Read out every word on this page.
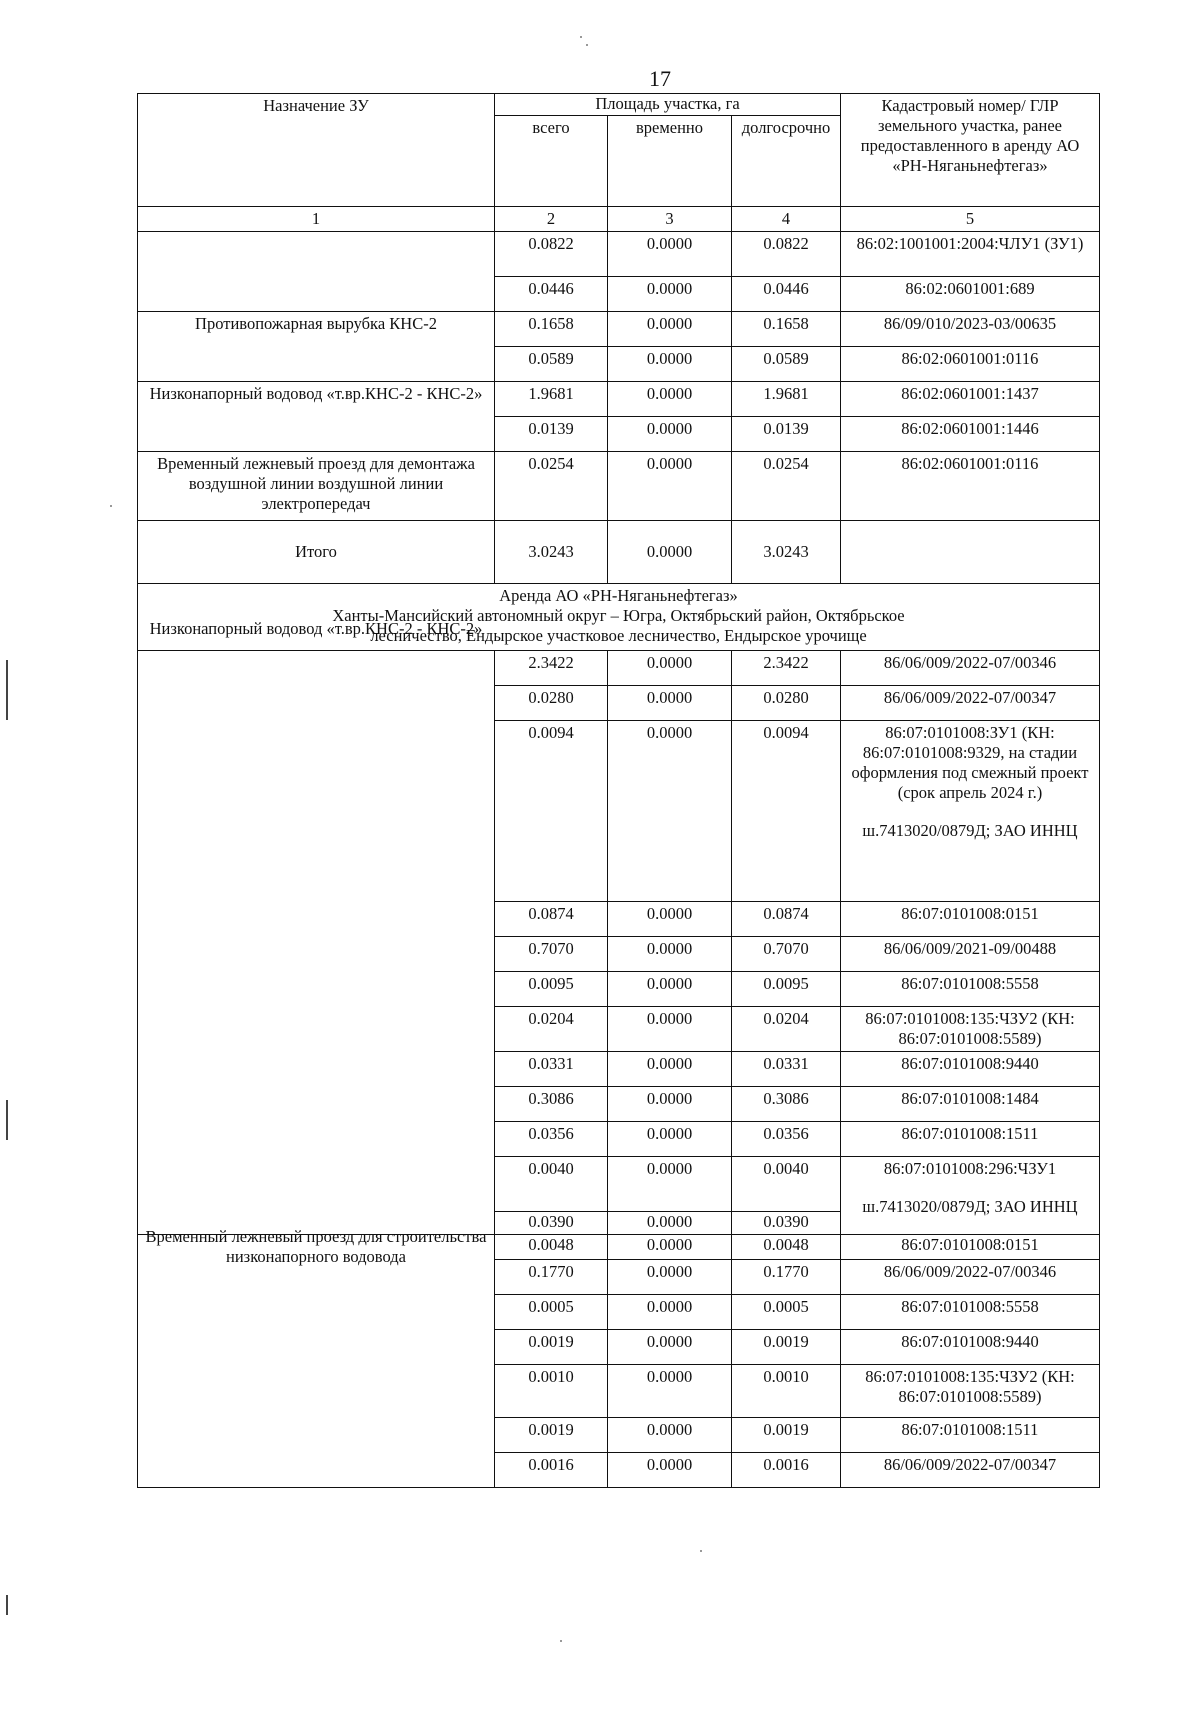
17
Назначение ЗУ	Площадь участка, га			Кадастровый номер/ ГЛР земельного участка, ранее предоставленного в аренду АО «РН-Няганьнефтегаз»
	всего	временно	долгосрочно	
1	2	3	4	5
	0.0822	0.0000	0.0822	86:02:1001001:2004:ЧЛУ1 (ЗУ1)
	0.0446	0.0000	0.0446	86:02:0601001:689
Противопожарная вырубка КНС-2	0.1658	0.0000	0.1658	86/09/010/2023-03/00635
	0.0589	0.0000	0.0589	86:02:0601001:0116
Низконапорный водовод «т.вр.КНС-2 - КНС-2»	1.9681	0.0000	1.9681	86:02:0601001:1437
	0.0139	0.0000	0.0139	86:02:0601001:1446
Временный лежневый проезд для демонтажа воздушной линии воздушной линии электропередач	0.0254	0.0000	0.0254	86:02:0601001:0116
Итого	3.0243	0.0000	3.0243	

Аренда АО «РН-Няганьнефтегаз»
Ханты-Мансийский автономный округ – Югра, Октябрьский район, Октябрьское лесничество, Ендырское участковое лесничество, Ендырское урочище				

Низконапорный водовод «т.вр.КНС-2 - КНС-2»	2.3422	0.0000	2.3422	86/06/009/2022-07/00346
	0.0280	0.0000	0.0280	86/06/009/2022-07/00347
	0.0094	0.0000	0.0094	86:07:0101008:ЗУ1 (КН: 86:07:0101008:9329, на стадии оформления под смежный проект (срок апрель 2024 г.)
ш.7413020/0879Д; ЗАО ИННЦ
	0.0874	0.0000	0.0874	86:07:0101008:0151
	0.7070	0.0000	0.7070	86/06/009/2021-09/00488
	0.0095	0.0000	0.0095	86:07:0101008:5558
	0.0204	0.0000	0.0204	86:07:0101008:135:ЧЗУ2 (КН: 86:07:0101008:5589)
	0.0331	0.0000	0.0331	86:07:0101008:9440
	0.3086	0.0000	0.3086	86:07:0101008:1484
	0.0356	0.0000	0.0356	86:07:0101008:1511
	0.0040	0.0000	0.0040	86:07:0101008:296:ЧЗУ1
ш.7413020/0879Д; ЗАО ИННЦ
	0.0390	0.0000	0.0390	

Временный лежневый проезд для строительства низконапорного водовода	0.0048	0.0000	0.0048	86:07:0101008:0151
	0.1770	0.0000	0.1770	86/06/009/2022-07/00346
	0.0005	0.0000	0.0005	86:07:0101008:5558
	0.0019	0.0000	0.0019	86:07:0101008:9440
	0.0010	0.0000	0.0010	86:07:0101008:135:ЧЗУ2 (КН: 86:07:0101008:5589)
	0.0019	0.0000	0.0019	86:07:0101008:1511
	0.0016	0.0000	0.0016	86/06/009/2022-07/00347
